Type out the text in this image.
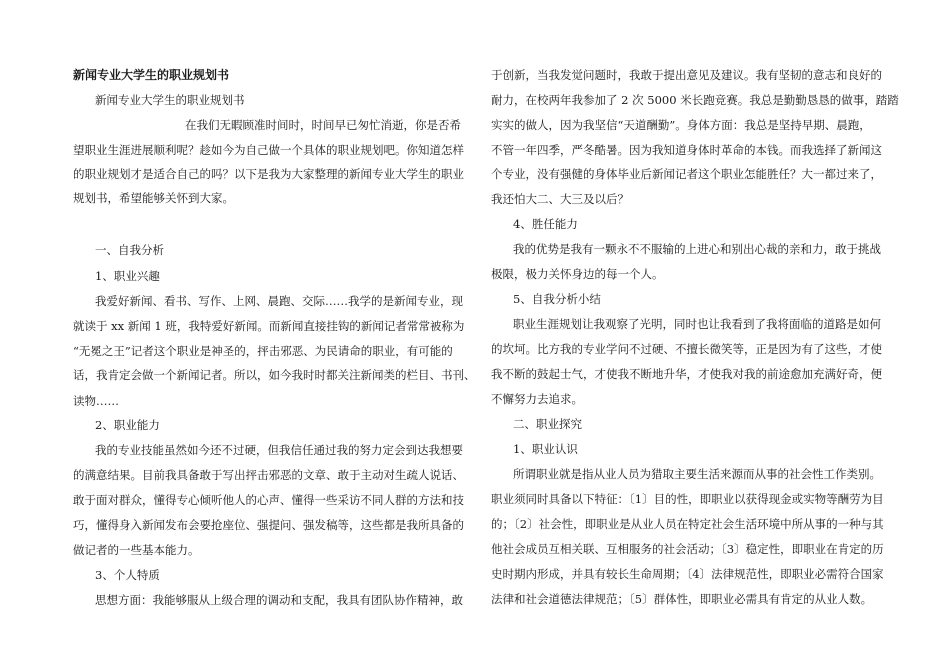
新闻专业大学生的职业规划书
新闻专业大学生的职业规划书
在我们无暇顾准时间时，时间早已匆忙消逝，你是否希
望职业生涯进展顺利呢？趁如今为自己做一个具体的职业规划吧。你知道怎样
的职业规划才是适合自己的吗？以下是我为大家整理的新闻专业大学生的职业
规划书，希望能够关怀到大家。
一、自我分析
1、职业兴趣
我爱好新闻、看书、写作、上网、晨跑、交际……我学的是新闻专业，现
就读于 xx 新闻 1 班，我特爱好新闻。而新闻直接挂钩的新闻记者常常被称为
“无冕之王”记者这个职业是神圣的，抨击邪恶、为民请命的职业，有可能的
话，我肯定会做一个新闻记者。所以，如今我时时都关注新闻类的栏目、书刊、
读物……
2、职业能力
我的专业技能虽然如今还不过硬，但我信任通过我的努力定会到达我想要
的满意结果。目前我具备敢于写出抨击邪恶的文章、敢于主动对生疏人说话、
敢于面对群众，懂得专心倾听他人的心声、懂得一些采访不同人群的方法和技
巧，懂得身入新闻发布会要抢座位、强提问、强发稿等，这些都是我所具备的
做记者的一些基本能力。
3、个人特质
思想方面：我能够服从上级合理的调动和支配，我具有团队协作精神，敢
于创新，当我发觉问题时，我敢于提出意见及建议。我有坚韧的意志和良好的
耐力，在校两年我参加了 2 次 5000 米长跑竞赛。我总是勤勤恳恳的做事，踏踏
实实的做人，因为我坚信“天道酬勤”。身体方面：我总是坚持早期、晨跑，
不管一年四季，严冬酷暑。因为我知道身体时革命的本钱。而我选择了新闻这
个专业，没有强健的身体毕业后新闻记者这个职业怎能胜任？大一都过来了，
我还怕大二、大三及以后？
4、胜任能力
我的优势是我有一颗永不不服输的上进心和别出心裁的亲和力，敢于挑战
极限，极力关怀身边的每一个人。
5、自我分析小结
职业生涯规划让我观察了光明，同时也让我看到了我将面临的道路是如何
的坎坷。比方我的专业学问不过硬、不擅长微笑等，正是因为有了这些，才使
我不断的鼓起士气，才使我不断地升华，才使我对我的前途愈加充满好奇，便
不懈努力去追求。
二、职业探究
1、职业认识
所谓职业就是指从业人员为猎取主要生活来源而从事的社会性工作类别。
职业须同时具备以下特征：〔1〕目的性，即职业以获得现金或实物等酬劳为目
的；〔2〕社会性，即职业是从业人员在特定社会生活环境中所从事的一种与其
他社会成员互相关联、互相服务的社会活动；〔3〕稳定性，即职业在肯定的历
史时期内形成，并具有较长生命周期；〔4〕法律规范性，即职业必需符合国家
法律和社会道德法律规范；〔5〕群体性，即职业必需具有肯定的从业人数。
